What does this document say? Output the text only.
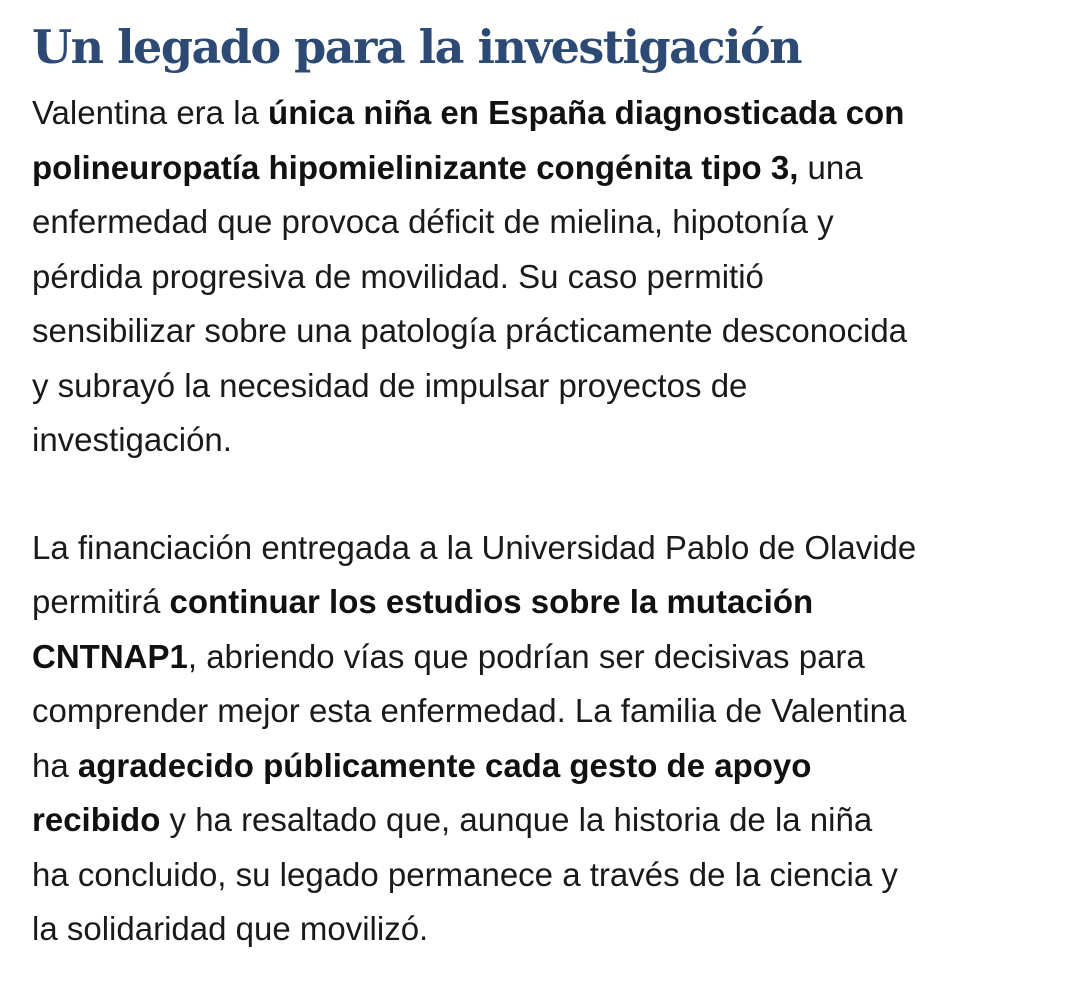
Un legado para la investigación

Valentina era la única niña en España diagnosticada con
polineuropatía hipomielinizante congénita tipo 3, una
enfermedad que provoca déficit de mielina, hipotonía y
pérdida progresiva de movilidad. Su caso permitió
sensibilizar sobre una patología prácticamente desconocida
y subrayó la necesidad de impulsar proyectos de
investigación.

La financiación entregada a la Universidad Pablo de Olavide
permitirá continuar los estudios sobre la mutación
CNTNAP1, abriendo vías que podrían ser decisivas para
comprender mejor esta enfermedad. La familia de Valentina
ha agradecido públicamente cada gesto de apoyo
recibido y ha resaltado que, aunque la historia de la niña
ha concluido, su legado permanece a través de la ciencia y
la solidaridad que movilizó.
